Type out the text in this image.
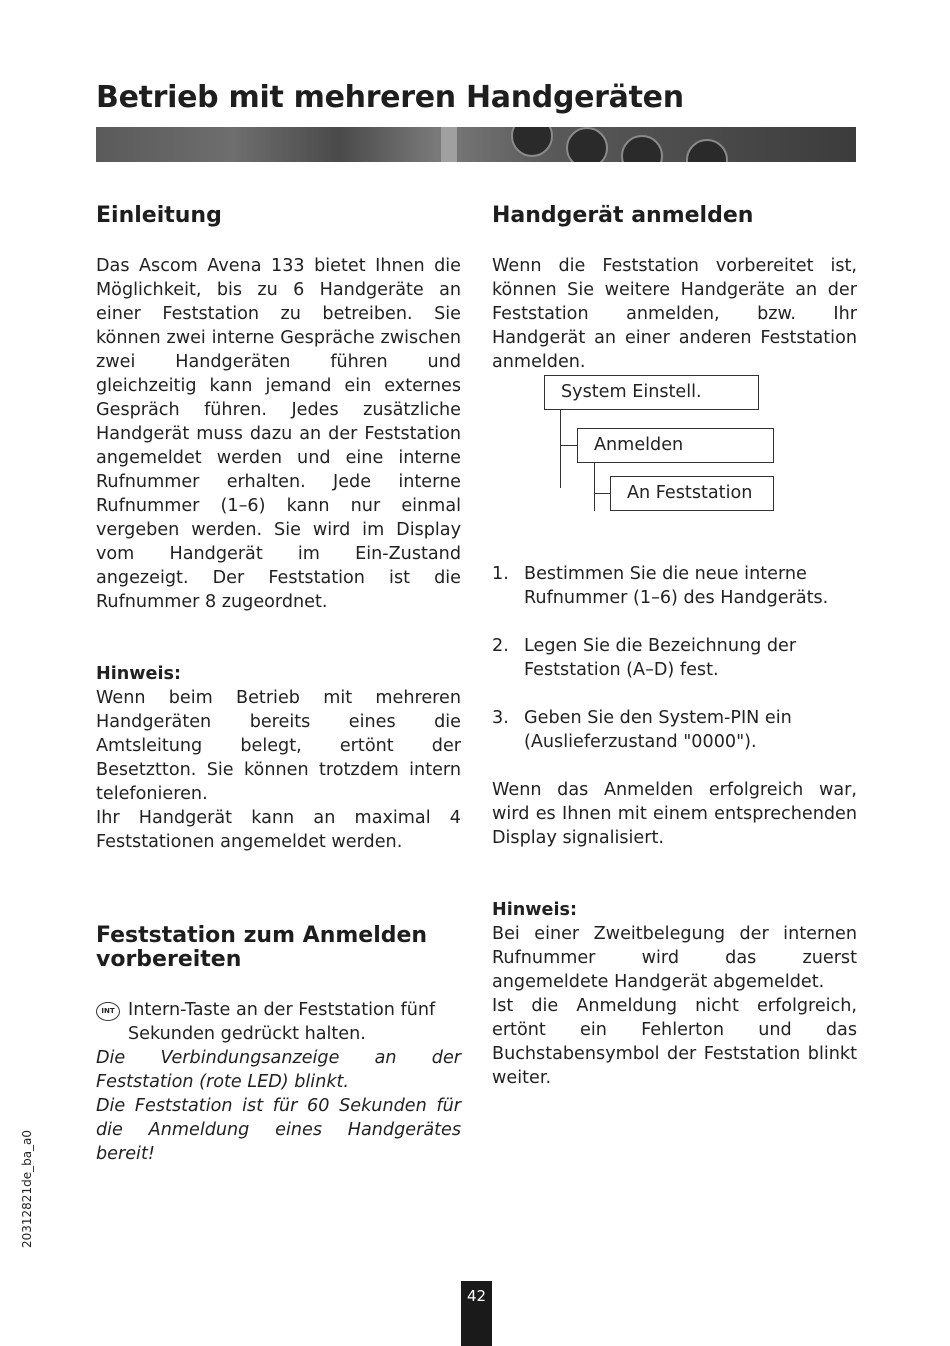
Betrieb mit mehreren Handgeräten
Einleitung

Das Ascom Avena 133 bietet Ihnen die Möglichkeit, bis zu 6 Handgeräte an einer Feststation zu betreiben. Sie können zwei interne Gespräche zwischen zwei Handgeräten führen und gleichzeitig kann jemand ein externes Gespräch führen. Jedes zusätzliche Handgerät muss dazu an der Feststation angemeldet werden und eine interne Rufnummer erhalten. Jede interne Rufnummer (1–6) kann nur einmal vergeben werden. Sie wird im Display vom Handgerät im Ein-Zustand angezeigt. Der Feststation ist die Rufnummer 8 zugeordnet.

Hinweis:

Wenn beim Betrieb mit mehreren Handgeräten bereits eines die Amtsleitung belegt, ertönt der Besetztton. Sie können trotzdem intern telefonieren.

Ihr Handgerät kann an maximal 4 Feststationen angemeldet werden.

Feststation zum Anmelden vorbereiten
INT Intern-Taste an der Feststation fünf Sekunden gedrückt halten.

Die Verbindungsanzeige an der Feststation (rote LED) blinkt.

Die Feststation ist für 60 Sekunden für die Anmeldung eines Handgerätes bereit!

Handgerät anmelden

Wenn die Feststation vorbereitet ist, können Sie weitere Handgeräte an der Feststation anmelden, bzw. Ihr Handgerät an einer anderen Feststation anmelden.

System Einstell.
Anmelden
An Feststation
1. Bestimmen Sie die neue interne Rufnummer (1–6) des Handgeräts.
2. Legen Sie die Bezeichnung der Feststation (A–D) fest.
3. Geben Sie den System-PIN ein (Auslieferzustand "0000").

Wenn das Anmelden erfolgreich war, wird es Ihnen mit einem entsprechenden Display signalisiert.

Hinweis:

Bei einer Zweitbelegung der internen Rufnummer wird das zuerst angemeldete Handgerät abgemeldet.

Ist die Anmeldung nicht erfolgreich, ertönt ein Fehlerton und das Buchstabensymbol der Feststation blinkt weiter.

20312821de_ba_a0
42
